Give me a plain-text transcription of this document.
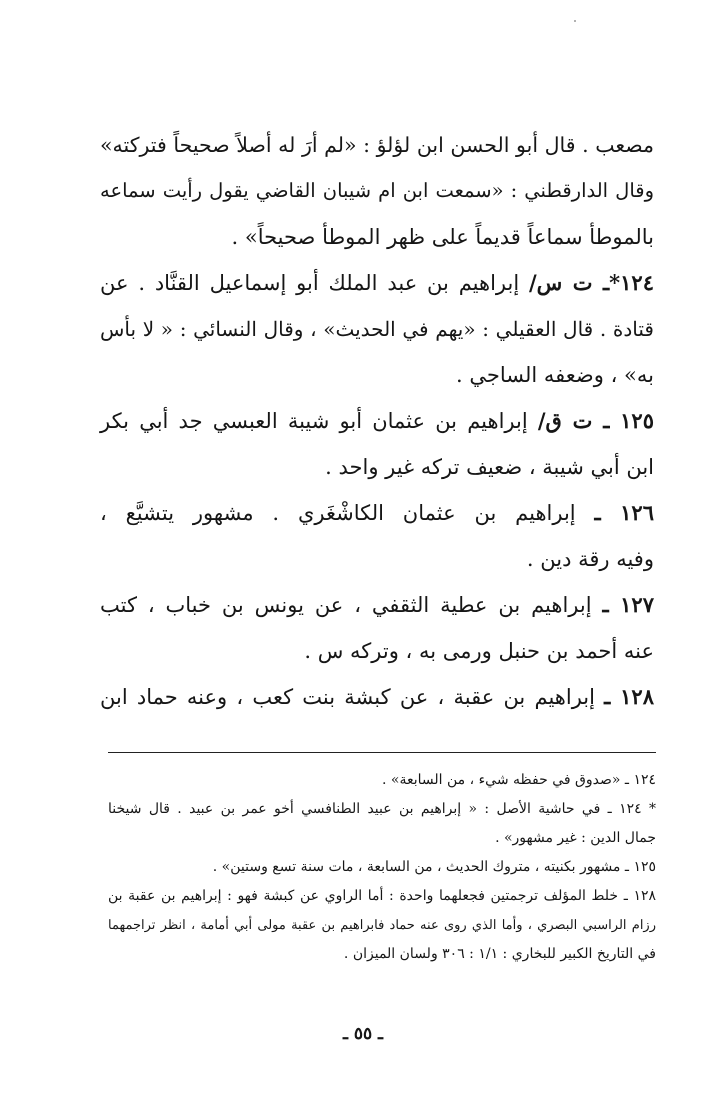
مصعب . قال أبو الحسن ابن لؤلؤ : «لم أرَ له أصلاً صحيحاً فتركته»
وقال الدارقطني : «سمعت ابن ام شيبان القاضي يقول رأيت سماعه
بالموطأ سماعاً قديماً على ظهر الموطأ صحيحاً» .
١٢٤*ـ ت س/ إبراهيم بن عبد الملك أبو إسماعيل القنَّاد . عن
قتادة . قال العقيلي : «يهم في الحديث» ، وقال النسائي : « لا بأس
به» ، وضعفه الساجي .
١٢٥ ـ ت ق/ إبراهيم بن عثمان أبو شيبة العبسي جد أبي بكر
ابن أبي شيبة ، ضعيف تركه غير واحد .
١٢٦ ـ إبراهيم بن عثمان الكاشْغَري . مشهور يتشيَّع ،
وفيه رقة دين .
١٢٧ ـ إبراهيم بن عطية الثقفي ، عن يونس بن خباب ، كتب
عنه أحمد بن حنبل ورمى به ، وتركه س .
١٢٨ ـ إبراهيم بن عقبة ، عن كبشة بنت كعب ، وعنه حماد ابن
١٢٤ ـ «صدوق في حفظه شيء ، من السابعة» .
* ١٢٤ ـ في حاشية الأصل : « إبراهيم بن عبيد الطنافسي أخو عمر بن عبيد . قال شيخنا
جمال الدين : غير مشهور» .
١٢٥ ـ مشهور بكنيته ، متروك الحديث ، من السابعة ، مات سنة تسع وستين» .
١٢٨ ـ خلط المؤلف ترجمتين فجعلهما واحدة : أما الراوي عن كبشة فهو : إبراهيم بن عقبة بن
رزام الراسبي البصري ، وأما الذي روى عنه حماد فابراهيم بن عقبة مولى أبي أمامة ، انظر تراجمهما
في التاريخ الكبير للبخاري : ١/١ : ٣٠٦ ولسان الميزان .
ـ ٥٥ ـ
